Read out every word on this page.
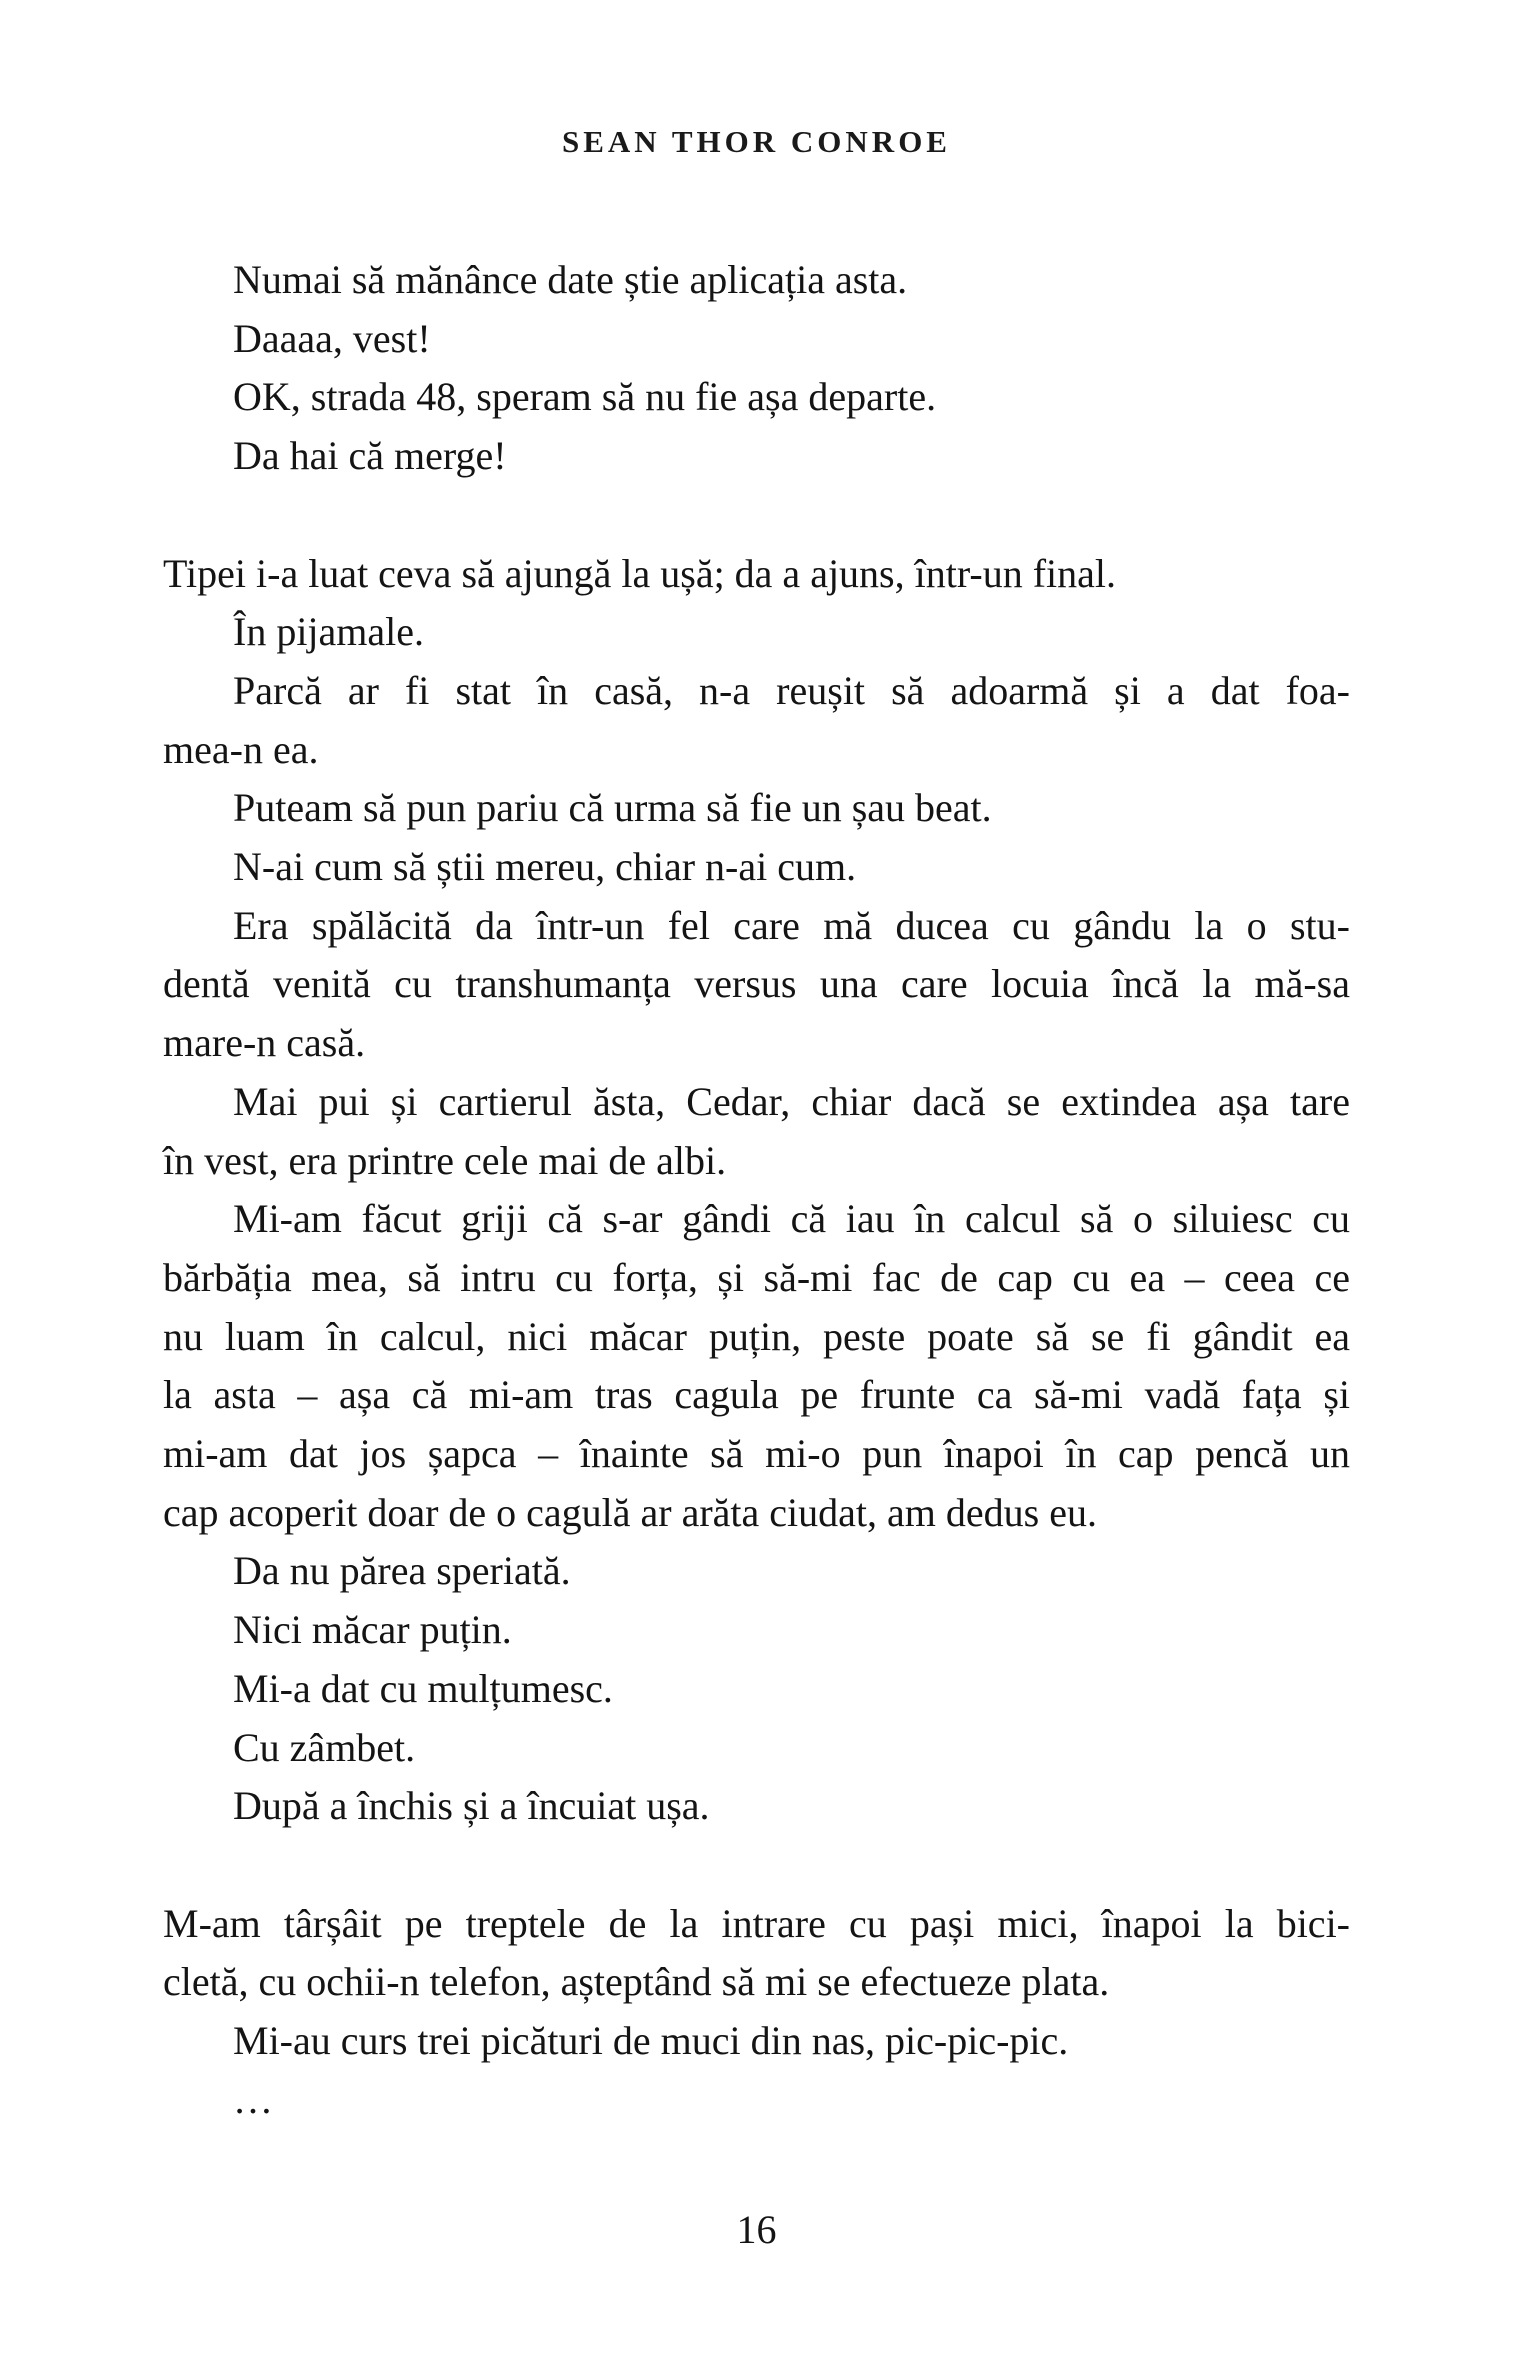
SEAN THOR CONROE
Numai să mănânce date știe aplicația asta.
Daaaa, vest!
OK, strada 48, speram să nu fie așa departe.
Da hai că merge!
Tipei i-a luat ceva să ajungă la ușă; da a ajuns, într-un final.
În pijamale.
Parcă ar fi stat în casă, n-a reușit să adoarmă și a dat foa-
mea-n ea.
Puteam să pun pariu că urma să fie un șau beat.
N-ai cum să știi mereu, chiar n-ai cum.
Era spălăcită da într-un fel care mă ducea cu gându la o stu-
dentă venită cu transhumanța versus una care locuia încă la mă-sa
mare-n casă.
Mai pui și cartierul ăsta, Cedar, chiar dacă se extindea așa tare
în vest, era printre cele mai de albi.
Mi-am făcut griji că s-ar gândi că iau în calcul să o siluiesc cu
bărbăția mea, să intru cu forța, și să-mi fac de cap cu ea – ceea ce
nu luam în calcul, nici măcar puțin, peste poate să se fi gândit ea
la asta – așa că mi-am tras cagula pe frunte ca să-mi vadă fața și
mi-am dat jos șapca – înainte să mi-o pun înapoi în cap pencă un
cap acoperit doar de o cagulă ar arăta ciudat, am dedus eu.
Da nu părea speriată.
Nici măcar puțin.
Mi-a dat cu mulțumesc.
Cu zâmbet.
După a închis și a încuiat ușa.
M-am târșâit pe treptele de la intrare cu pași mici, înapoi la bici-
cletă, cu ochii-n telefon, așteptând să mi se efectueze plata.
Mi-au curs trei picături de muci din nas, pic-pic-pic.
…
16
